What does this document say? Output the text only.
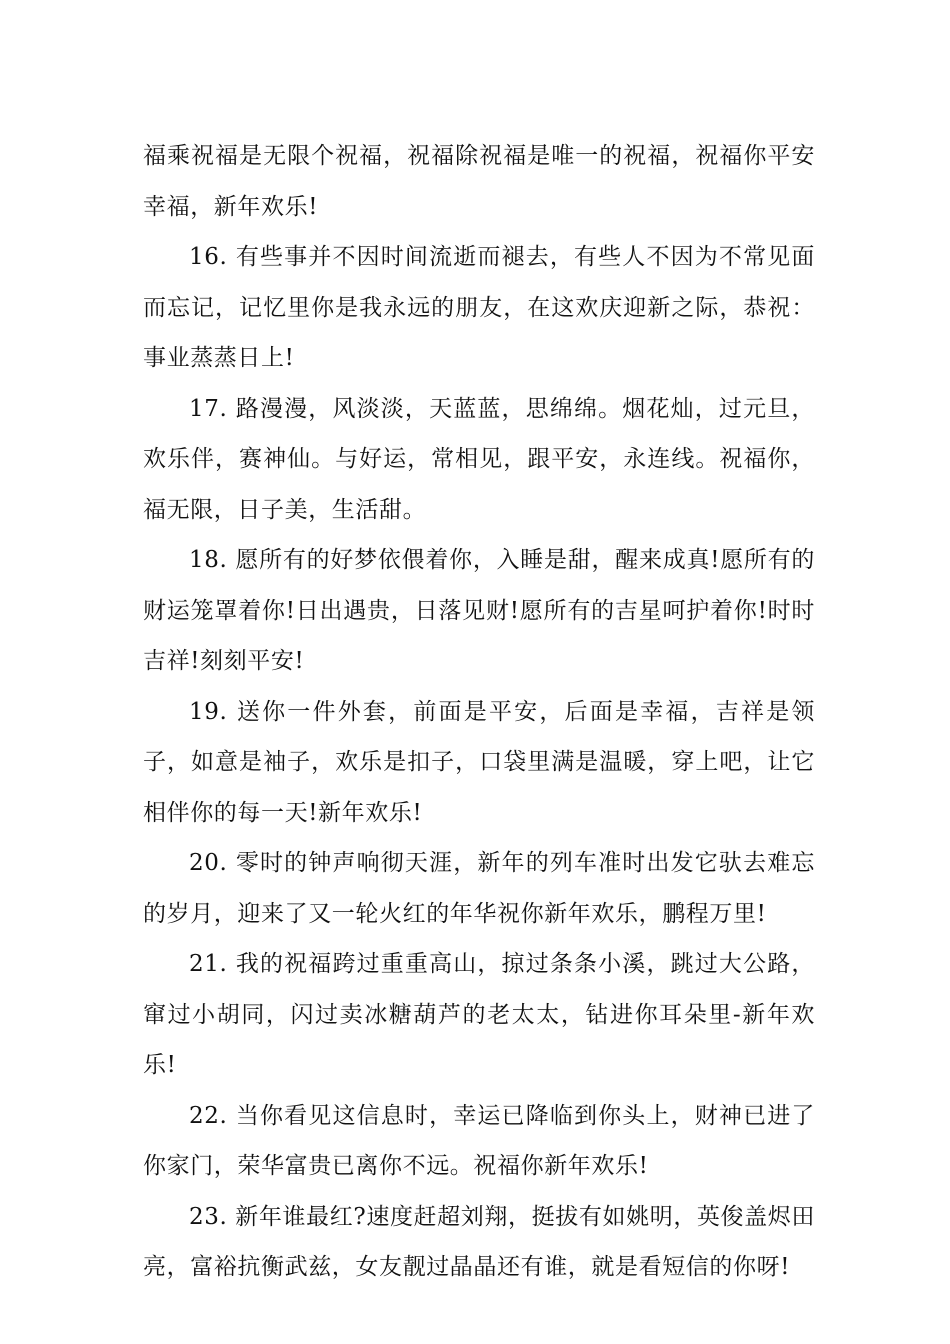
福乘祝福是无限个祝福，祝福除祝福是唯一的祝福，祝福你平安幸福，新年欢乐!

16. 有些事并不因时间流逝而褪去，有些人不因为不常见面而忘记，记忆里你是我永远的朋友，在这欢庆迎新之际，恭祝：事业蒸蒸日上!

17. 路漫漫，风淡淡，天蓝蓝，思绵绵。烟花灿，过元旦，欢乐伴，赛神仙。与好运，常相见，跟平安，永连线。祝福你，福无限，日子美，生活甜。

18. 愿所有的好梦依偎着你，入睡是甜，醒来成真!愿所有的财运笼罩着你!日出遇贵，日落见财!愿所有的吉星呵护着你!时时吉祥!刻刻平安!

19. 送你一件外套，前面是平安，后面是幸福，吉祥是领子，如意是袖子，欢乐是扣子，口袋里满是温暖，穿上吧，让它相伴你的每一天!新年欢乐!

20. 零时的钟声响彻天涯，新年的列车准时出发它驮去难忘的岁月，迎来了又一轮火红的年华祝你新年欢乐，鹏程万里!

21. 我的祝福跨过重重高山，掠过条条小溪，跳过大公路，窜过小胡同，闪过卖冰糖葫芦的老太太，钻进你耳朵里-新年欢乐!

22. 当你看见这信息时，幸运已降临到你头上，财神已进了你家门，荣华富贵已离你不远。祝福你新年欢乐!

23. 新年谁最红?速度赶超刘翔，挺拔有如姚明，英俊盖烬田亮，富裕抗衡武兹，女友靓过晶晶还有谁，就是看短信的你呀!
